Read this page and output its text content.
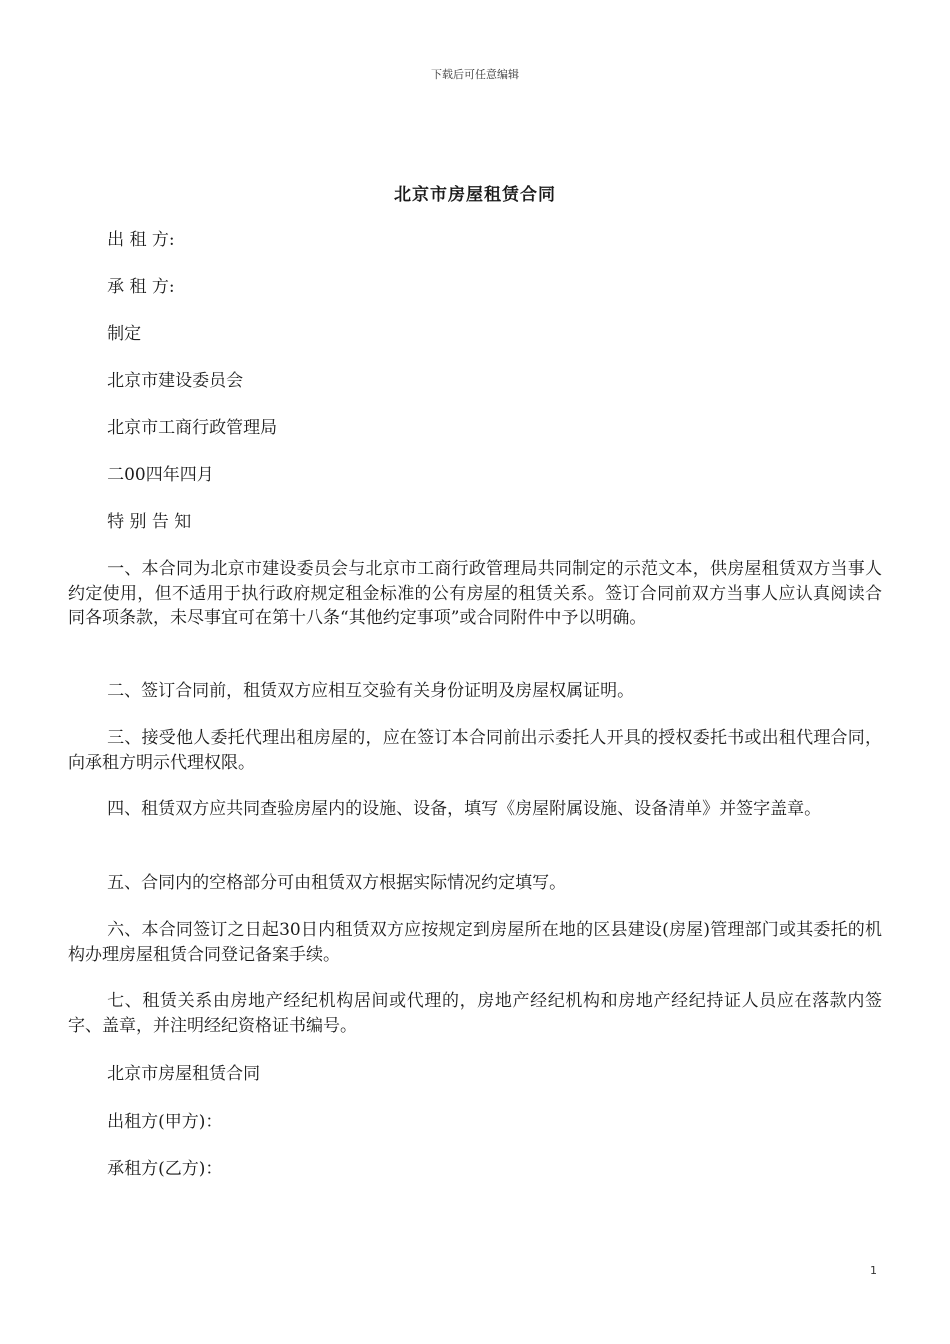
下载后可任意编辑
北京市房屋租赁合同

出 租 方:

承 租 方:

制定

北京市建设委员会

北京市工商行政管理局

二00四年四月

特 别 告 知

一、本合同为北京市建设委员会与北京市工商行政管理局共同制定的示范文本，供房屋租赁双方当事人约定使用，但不适用于执行政府规定租金标准的公有房屋的租赁关系。签订合同前双方当事人应认真阅读合同各项条款，未尽事宜可在第十八条“其他约定事项”或合同附件中予以明确。

二、签订合同前，租赁双方应相互交验有关身份证明及房屋权属证明。

三、接受他人委托代理出租房屋的，应在签订本合同前出示委托人开具的授权委托书或出租代理合同，向承租方明示代理权限。

四、租赁双方应共同查验房屋内的设施、设备，填写《房屋附属设施、设备清单》并签字盖章。

五、合同内的空格部分可由租赁双方根据实际情况约定填写。

六、本合同签订之日起30日内租赁双方应按规定到房屋所在地的区县建设(房屋)管理部门或其委托的机构办理房屋租赁合同登记备案手续。

七、租赁关系由房地产经纪机构居间或代理的，房地产经纪机构和房地产经纪持证人员应在落款内签字、盖章，并注明经纪资格证书编号。

北京市房屋租赁合同

出租方(甲方)：

承租方(乙方)：

1
